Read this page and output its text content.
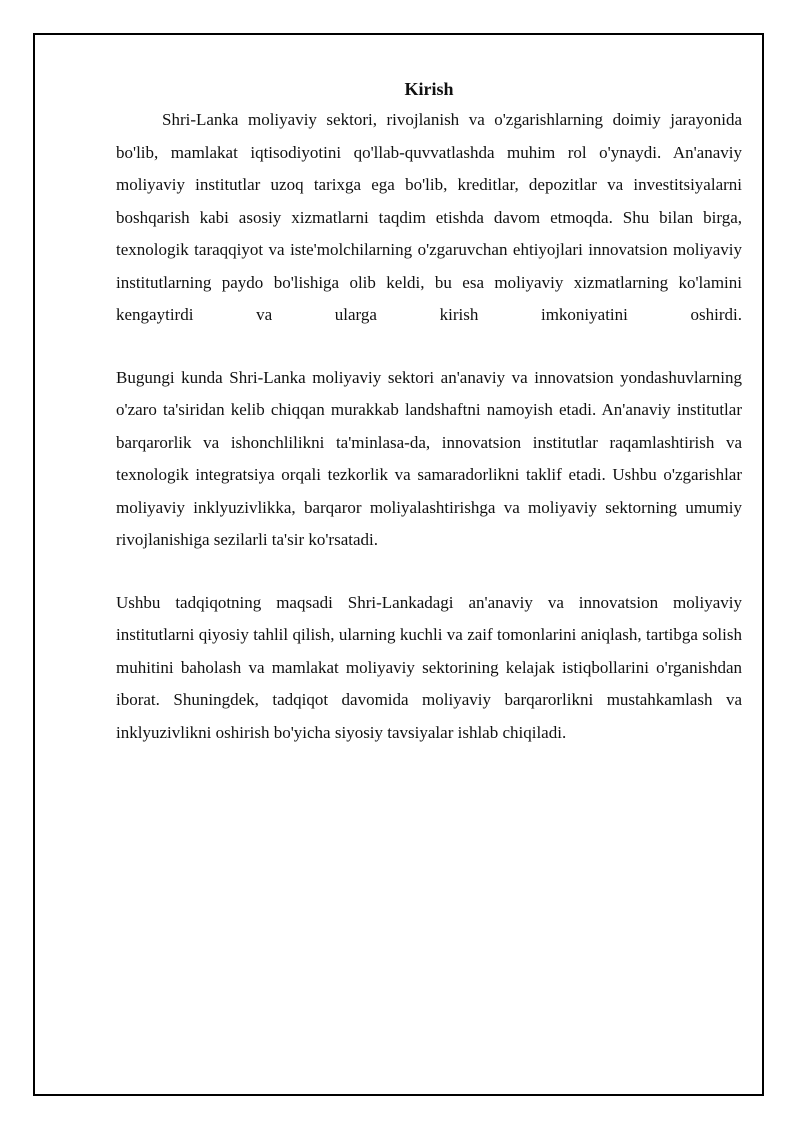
Kirish

Shri-Lanka moliyaviy sektori, rivojlanish va o'zgarishlarning doimiy jarayonida bo'lib, mamlakat iqtisodiyotini qo'llab-quvvatlashda muhim rol o'ynaydi. An'anaviy moliyaviy institutlar uzoq tarixga ega bo'lib, kreditlar, depozitlar va investitsiyalarni boshqarish kabi asosiy xizmatlarni taqdim etishda davom etmoqda. Shu bilan birga, texnologik taraqqiyot va iste'molchilarning o'zgaruvchan ehtiyojlari innovatsion moliyaviy institutlarning paydo bo'lishiga olib keldi, bu esa moliyaviy xizmatlarning ko'lamini kengaytirdi va ularga kirish imkoniyatini oshirdi.

Bugungi kunda Shri-Lanka moliyaviy sektori an'anaviy va innovatsion yondashuvlarning o'zaro ta'siridan kelib chiqqan murakkab landshaftni namoyish etadi. An'anaviy institutlar barqarorlik va ishonchlilikni ta'minlasa-da, innovatsion institutlar raqamlashtirish va texnologik integratsiya orqali tezkorlik va samaradorlikni taklif etadi. Ushbu o'zgarishlar moliyaviy inklyuzivlikka, barqaror moliyalashtirishga va moliyaviy sektorning umumiy rivojlanishiga sezilarli ta'sir ko'rsatadi.

Ushbu tadqiqotning maqsadi Shri-Lankadagi an'anaviy va innovatsion moliyaviy institutlarni qiyosiy tahlil qilish, ularning kuchli va zaif tomonlarini aniqlash, tartibga solish muhitini baholash va mamlakat moliyaviy sektorining kelajak istiqbollarini o'rganishdan iborat. Shuningdek, tadqiqot davomida moliyaviy barqarorlikni mustahkamlash va inklyuzivlikni oshirish bo'yicha siyosiy tavsiyalar ishlab chiqiladi.
